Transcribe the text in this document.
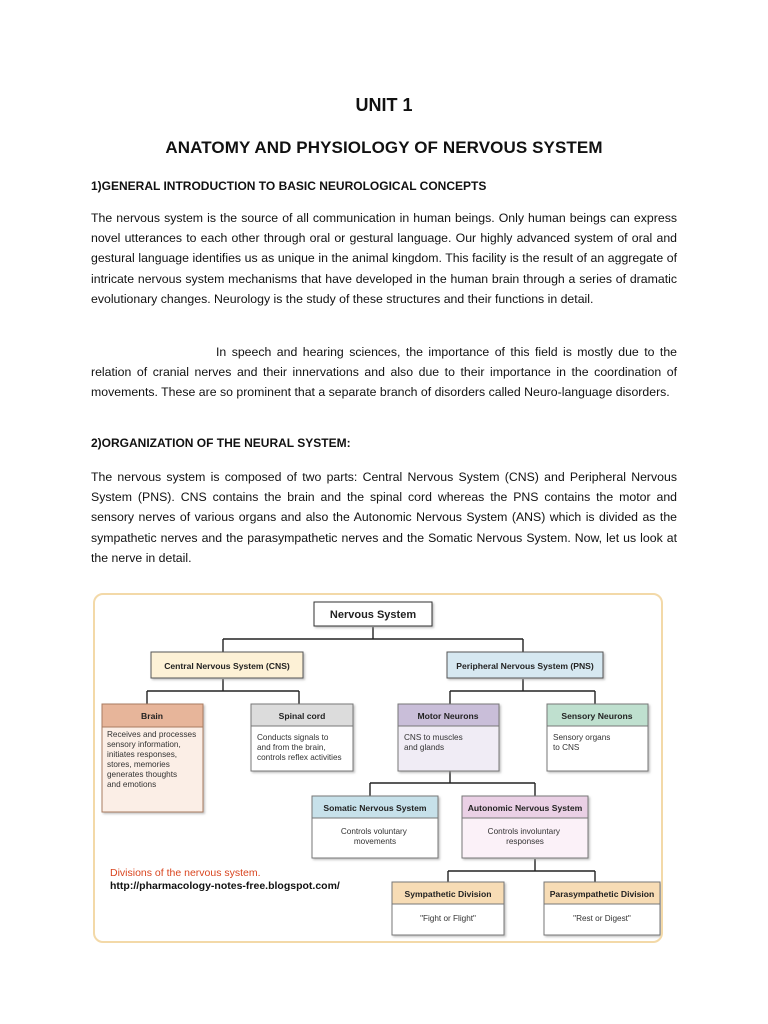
UNIT 1
ANATOMY AND PHYSIOLOGY OF NERVOUS SYSTEM

1)GENERAL INTRODUCTION TO BASIC NEUROLOGICAL CONCEPTS

The nervous system is the source of all communication in human beings. Only human beings can express novel utterances to each other through oral or gestural language. Our highly advanced system of oral and gestural language identifies us as unique in the animal kingdom. This facility is the result of an aggregate of intricate nervous system mechanisms that have developed in the human brain through a series of dramatic evolutionary changes. Neurology is the study of these structures and their functions in detail.

In speech and hearing sciences, the importance of this field is mostly due to the relation of cranial nerves and their innervations and also due to their importance in the coordination of movements. These are so prominent that a separate branch of disorders called Neuro-language disorders.

2)ORGANIZATION OF THE NEURAL SYSTEM:

The nervous system is composed of two parts: Central Nervous System (CNS) and Peripheral Nervous System (PNS). CNS contains the brain and the spinal cord whereas the PNS contains the motor and sensory nerves of various organs and also the Autonomic Nervous System (ANS) which is divided as the sympathetic nerves and the parasympathetic nerves and the Somatic Nervous System. Now, let us look at the nerve in detail.

Nervous System
Central Nervous System (CNS)	Peripheral Nervous System (PNS)
Brain
Receives and processes sensory information, initiates responses, stores, memories generates thoughts and emotions
Spinal cord
Conducts signals to and from the brain, controls reflex activities
Motor Neurons
CNS to muscles and glands
Sensory Neurons
Sensory organs to CNS
Somatic Nervous System
Controls voluntary movements
Autonomic Nervous System
Controls involuntary responses
Sympathetic Division
"Fight or Flight"
Parasympathetic Division
"Rest or Digest"
Divisions of the nervous system.
http://pharmacology-notes-free.blogspot.com/
